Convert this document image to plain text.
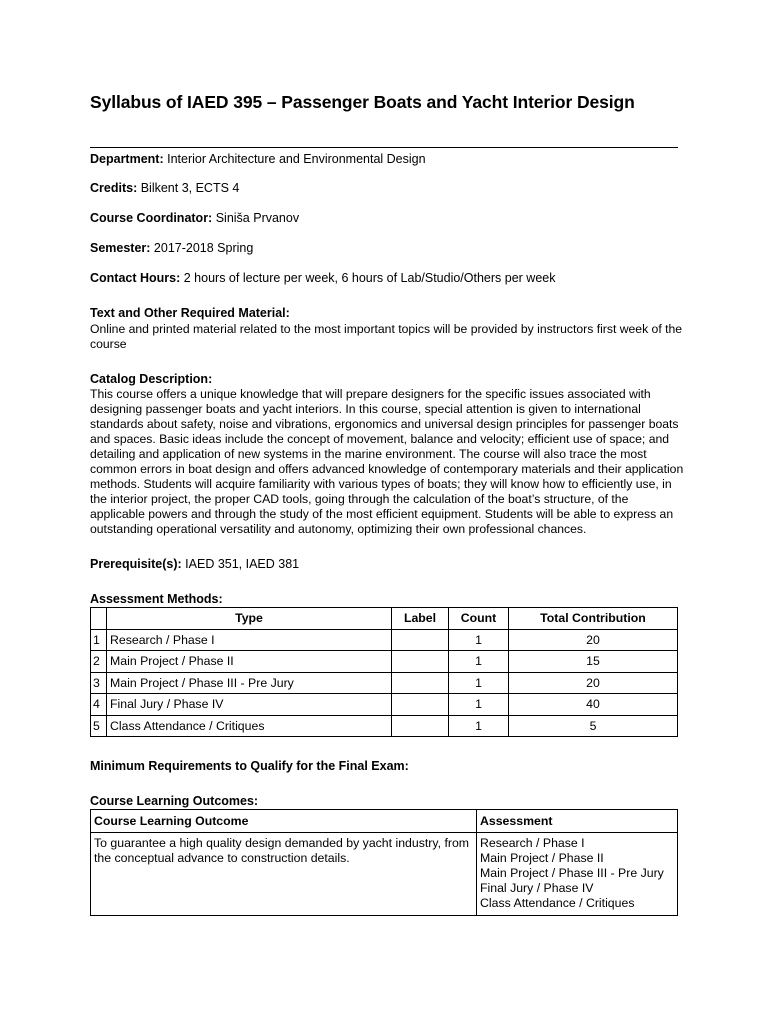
Syllabus of IAED 395 – Passenger Boats and Yacht Interior Design
Department: Interior Architecture and Environmental Design
Credits: Bilkent 3, ECTS 4
Course Coordinator: Siniša Prvanov
Semester: 2017-2018 Spring
Contact Hours: 2 hours of lecture per week, 6 hours of Lab/Studio/Others per week
Text and Other Required Material:
Online and printed material related to the most important topics will be provided by instructors first week of the course
Catalog Description:
This course offers a unique knowledge that will prepare designers for the specific issues associated with designing passenger boats and yacht interiors. In this course, special attention is given to international standards about safety, noise and vibrations, ergonomics and universal design principles for passenger boats and spaces. Basic ideas include the concept of movement, balance and velocity; efficient use of space; and detailing and application of new systems in the marine environment. The course will also trace the most common errors in boat design and offers advanced knowledge of contemporary materials and their application methods. Students will acquire familiarity with various types of boats; they will know how to efficiently use, in the interior project, the proper CAD tools, going through the calculation of the boat’s structure, of the applicable powers and through the study of the most efficient equipment. Students will be able to express an outstanding operational versatility and autonomy, optimizing their own professional chances.
Prerequisite(s): IAED 351, IAED 381
Assessment Methods:
	Type	Label	Count	Total Contribution
1	Research / Phase I		1	20
2	Main Project / Phase II		1	15
3	Main Project / Phase III - Pre Jury		1	20
4	Final Jury / Phase IV		1	40
5	Class Attendance / Critiques		1	5
Minimum Requirements to Qualify for the Final Exam:
Course Learning Outcomes:
Course Learning Outcome	Assessment
To guarantee a high quality design demanded by yacht industry, from the conceptual advance to construction details.	Research / Phase I
Main Project / Phase II
Main Project / Phase III - Pre Jury
Final Jury / Phase IV
Class Attendance / Critiques
